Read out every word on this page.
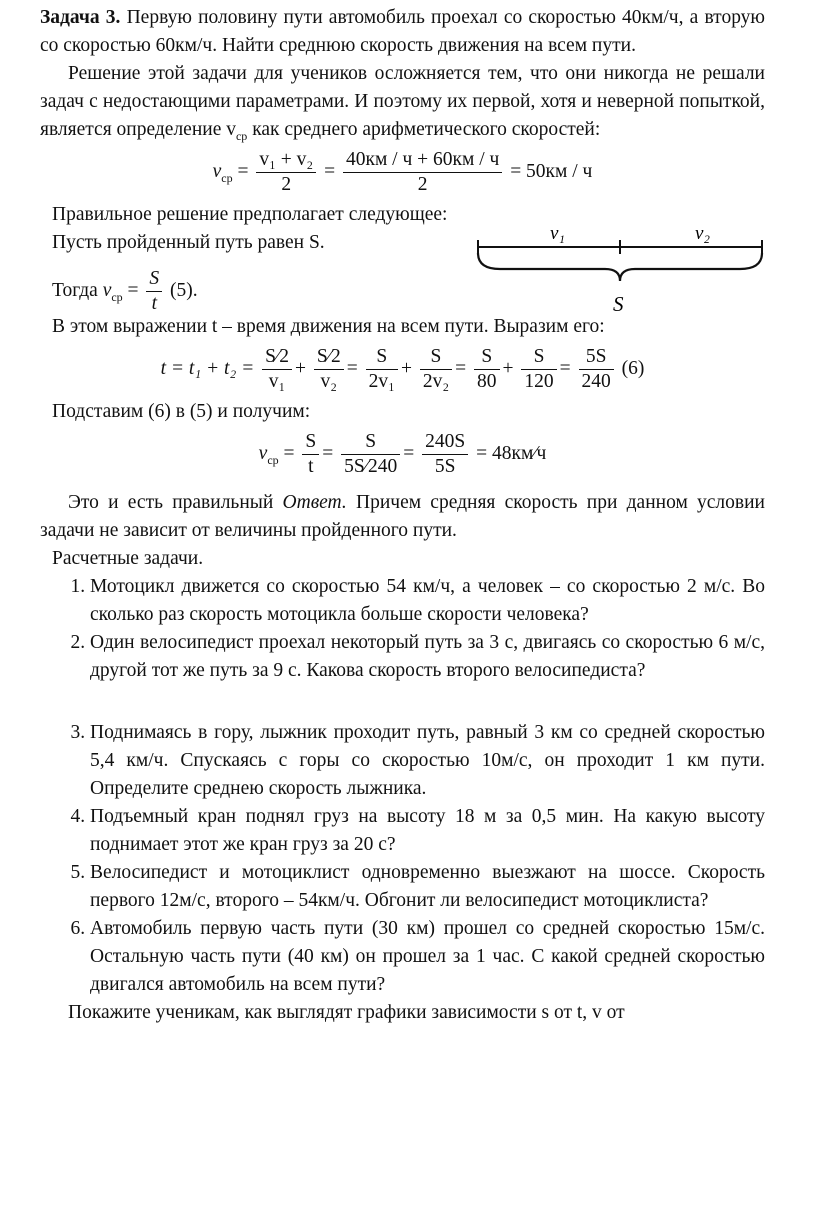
Задача 3. Первую половину пути автомобиль проехал со скоростью 40км/ч, а вторую со скоростью 60км/ч. Найти среднюю скорость движения на всем пути.

Решение этой задачи для учеников осложняется тем, что они никогда не решали задач с недостающими параметрами. И поэтому их первой, хотя и неверной попыткой, является определение $v_{ср}$ как среднего арифметического скоростей:

$v_{ср} = \frac{\text{v₁ + v₂}}{2} = \frac{40км / ч + 60км / ч}{2} = 50км / ч$

Правильное решение предполагает следующее:

Пусть пройденный путь равен S.

Тогда $v_{ср} = \frac{S}{t} (5)$.

v₁	v₂
S

В этом выражении t – время движения на всем пути. Выразим его:

$t = t_1 + t_2 = \frac{S⁄2}{\text{v₁}} + \frac{S⁄2}{\text{v₂}} = \frac{S}{\text{2v₁}} + \frac{S}{\text{2v₂}} = \frac{S}{80} + \frac{S}{120} = \frac{5S}{240} (6)$

Подставим (6) в (5) и получим:

$v_{ср} = \frac{S}{t} = \frac{S}{5S⁄240} = \frac{240S}{5S}$ = 48км⁄ч

Это и есть правильный Ответ. Причем средняя скорость при данном условии задачи не зависит от величины пройденного пути.

Расчетные задачи.

1. Мотоцикл движется со скоростью 54 км/ч, а человек – со скоростью 2 м/с. Во сколько раз скорость мотоцикла больше скорости человека?
2. Один велосипедист проехал некоторый путь за 3 с, двигаясь со скоростью 6 м/с, другой тот же путь за 9 с. Какова скорость второго велосипедиста?
3. Поднимаясь в гору, лыжник проходит путь, равный 3 км со средней скоростью 5,4 км/ч. Спускаясь с горы со скоростью 10м/с, он проходит 1 км пути. Определите среднею скорость лыжника.
4. Подъемный кран поднял груз на высоту 18 м за 0,5 мин. На какую высоту поднимает этот же кран груз за 20 с?
5. Велосипедист и мотоциклист одновременно выезжают на шоссе. Скорость первого 12м/с, второго – 54км/ч. Обгонит ли велосипедист мотоциклиста?
6. Автомобиль первую часть пути (30 км) прошел со средней скоростью 15м/с. Остальную часть пути (40 км) он прошел за 1 час. С какой средней скоростью двигался автомобиль на всем пути?

Покажите ученикам, как выглядят графики зависимости s от t, v от
